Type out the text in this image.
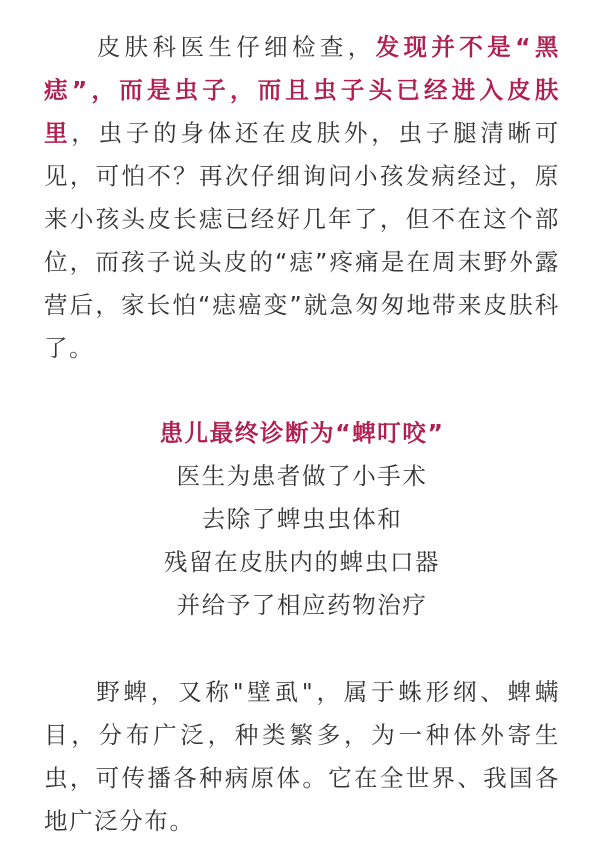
皮肤科医生仔细检查，发现并不是“黑痣”，而是虫子，而且虫子头已经进入皮肤里，虫子的身体还在皮肤外，虫子腿清晰可见，可怕不？再次仔细询问小孩发病经过，原来小孩头皮长痣已经好几年了，但不在这个部位，而孩子说头皮的“痣”疼痛是在周末野外露营后，家长怕“痣癌变”就急匆匆地带来皮肤科了。

患儿最终诊断为“蜱叮咬”
医生为患者做了小手术
去除了蜱虫虫体和
残留在皮肤内的蜱虫口器
并给予了相应药物治疗

野蜱，又称"壁虱"，属于蛛形纲、蜱螨目，分布广泛，种类繁多，为一种体外寄生虫，可传播各种病原体。它在全世界、我国各地广泛分布。
